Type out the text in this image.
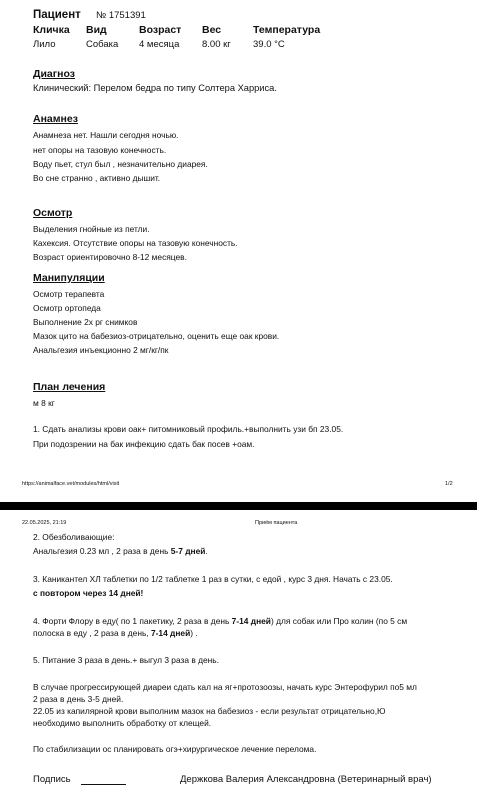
Пациент № 1751391
Кличка Вид	Возраст Вес	Температура
Лило	Собака 4 месяца 8.00 кг 39.0 °C
Диагноз
Клинический: Перелом бедра по типу Солтера Харриса.
Анамнез
Анамнеза нет. Нашли сегодня ночью.
нет опоры на тазовую конечность.
Воду пьет, стул был , незначительно диарея.
Во сне странно , активно дышит.
Осмотр
Выделения гнойные из петли.
Кахексия. Отсутствие опоры на тазовую конечность.
Возраст ориентировочно 8-12 месяцев.
Манипуляции
Осмотр терапевта
Осмотр ортопеда
Выполнение 2х рг снимков
Мазок цито на бабезиоз-отрицательно, оценить еще оак крови.
Анальгезия инъекционно 2 мг/кг/пк
План лечения
м 8 кг
1. Сдать анализы крови оак+ питомниковый профиль.+выполнить узи бп 23.05.
При подозрении на бак инфекцию сдать бак посев +оам.
https://animalface.vet/modules/html/visit	1/2
22.05.2025, 21:19	Приём пациента
2. Обезболивающие:
Анальгезия 0.23 мл , 2 раза в день 5-7 дней.
3. Каникантел ХЛ таблетки по 1/2 таблетке 1 раз в сутки, с едой , курс 3 дня. Начать с 23.05.
с повтором через 14 дней!
4. Форти Флору в еду( по 1 пакетику, 2 раза в день 7-14 дней) для собак или Про колин (по 5 см
полоска в еду , 2 раза в день, 7-14 дней) .
5. Питание 3 раза в день.+ выгул 3 раза в день.
В случае прогрессирующей диареи сдать кал на яг+протозоозы, начать курс Энтерофурил по5 мл
2 раза в день 3-5 дней.
22.05 из капилярной крови выполним мазок на бабезиоз - если результат отрицательно,Ю
необходимо выполнить обработку от клещей.
По стабилизации ос планировать огэ+хирургическое лечение перелома.
Подпись	Держкова Валерия Александровна (Ветеринарный врач)
